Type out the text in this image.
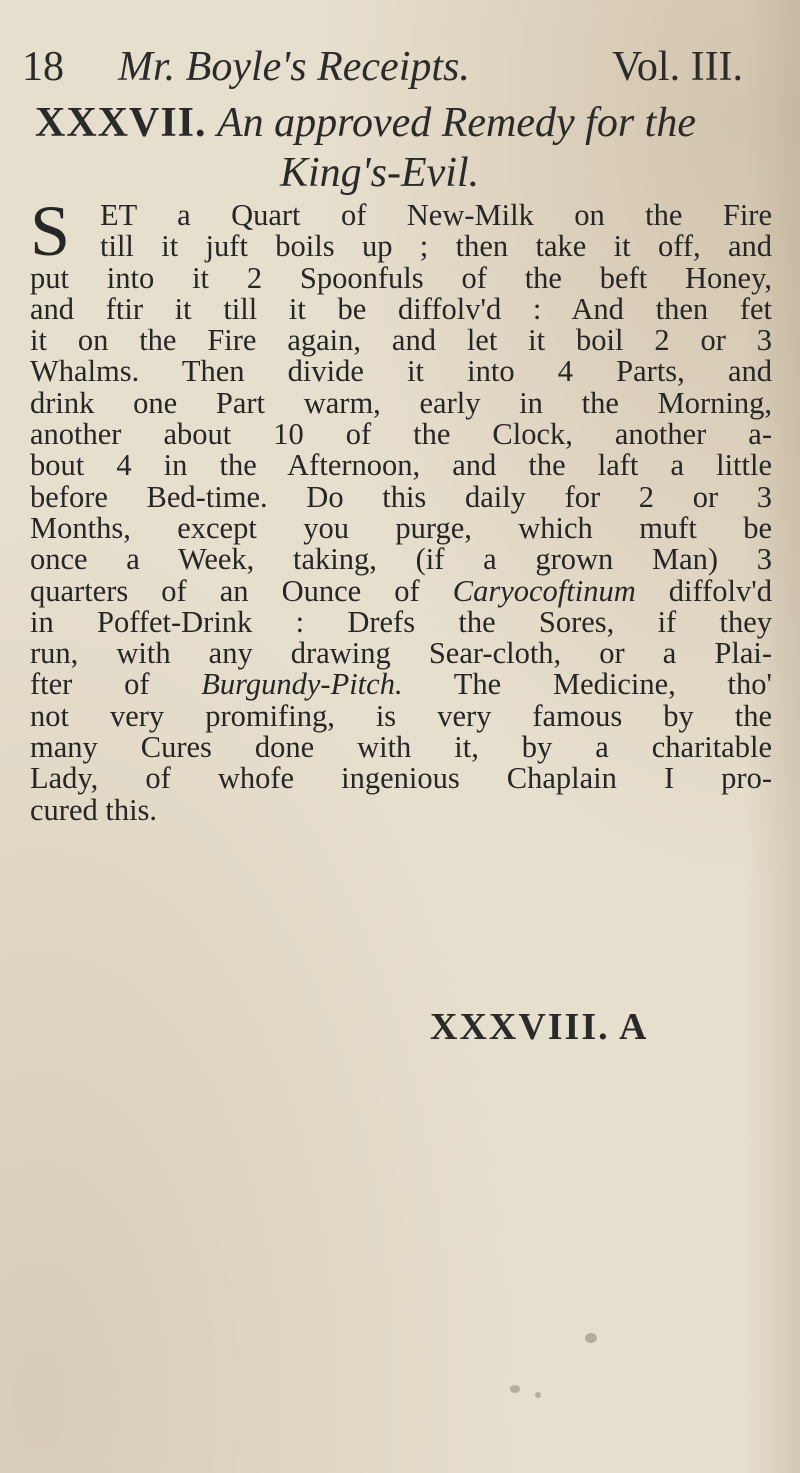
18 Mr. Boyle's Receipts.	Vol. III.
XXXVII. An approved Remedy for the
King's-Evil.
S ET a Quart of New-Milk on the Fire
till it juft boils up ; then take it off, and
put into it 2 Spoonfuls of the beft Honey,
and ftir it till it be diffolv'd : And then fet
it on the Fire again, and let it boil 2 or 3
Whalms. Then divide it into 4 Parts, and
drink one Part warm, early in the Morning,
another about 10 of the Clock, another a-
bout 4 in the Afternoon, and the laft a little
before Bed-time. Do this daily for 2 or 3
Months, except you purge, which muft be
once a Week, taking, (if a grown Man) 3
quarters of an Ounce of Caryocoftinum diffolv'd
in Poffet-Drink : Drefs the Sores, if they
run, with any drawing Sear-cloth, or a Plai-
fter of Burgundy-Pitch. The Medicine, tho'
not very promifing, is very famous by the
many Cures done with it, by a charitable
Lady, of whofe ingenious Chaplain I pro-
cured this.
XXXVIII. A
